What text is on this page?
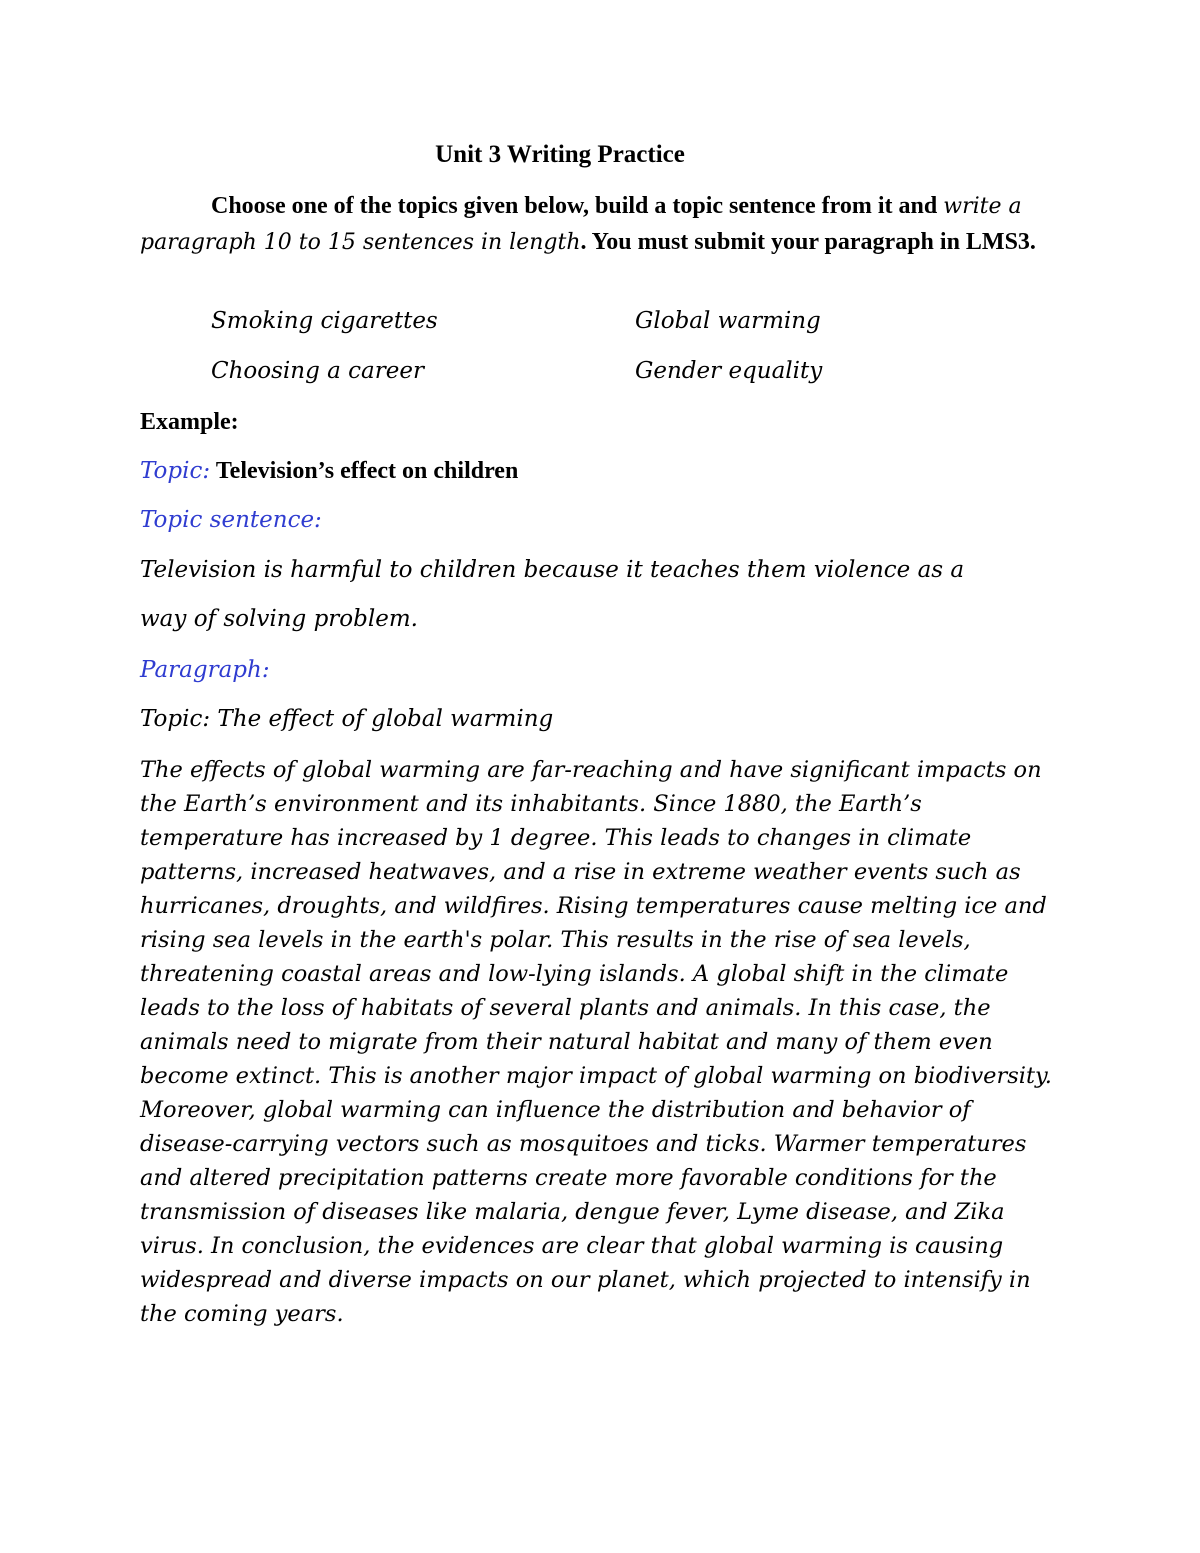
Unit 3 Writing Practice
Choose one of the topics given below, build a topic sentence from it and write a paragraph 10 to 15 sentences in length. You must submit your paragraph in LMS3.
Smoking cigarettes	Global warming
Choosing a career	Gender equality
Example:
Topic: Television’s effect on children
Topic sentence:
Television is harmful to children because it teaches them violence as a
way of solving problem.
Paragraph:
Topic: The effect of global warming
The effects of global warming are far-reaching and have significant impacts on the Earth’s environment and its inhabitants. Since 1880, the Earth’s temperature has increased by 1 degree. This leads to changes in climate patterns, increased heatwaves, and a rise in extreme weather events such as hurricanes, droughts, and wildfires. Rising temperatures cause melting ice and rising sea levels in the earth's polar. This results in the rise of sea levels, threatening coastal areas and low-lying islands. A global shift in the climate leads to the loss of habitats of several plants and animals. In this case, the animals need to migrate from their natural habitat and many of them even become extinct. This is another major impact of global warming on biodiversity. Moreover, global warming can influence the distribution and behavior of disease-carrying vectors such as mosquitoes and ticks. Warmer temperatures and altered precipitation patterns create more favorable conditions for the transmission of diseases like malaria, dengue fever, Lyme disease, and Zika virus. In conclusion, the evidences are clear that global warming is causing widespread and diverse impacts on our planet, which projected to intensify in the coming years.
